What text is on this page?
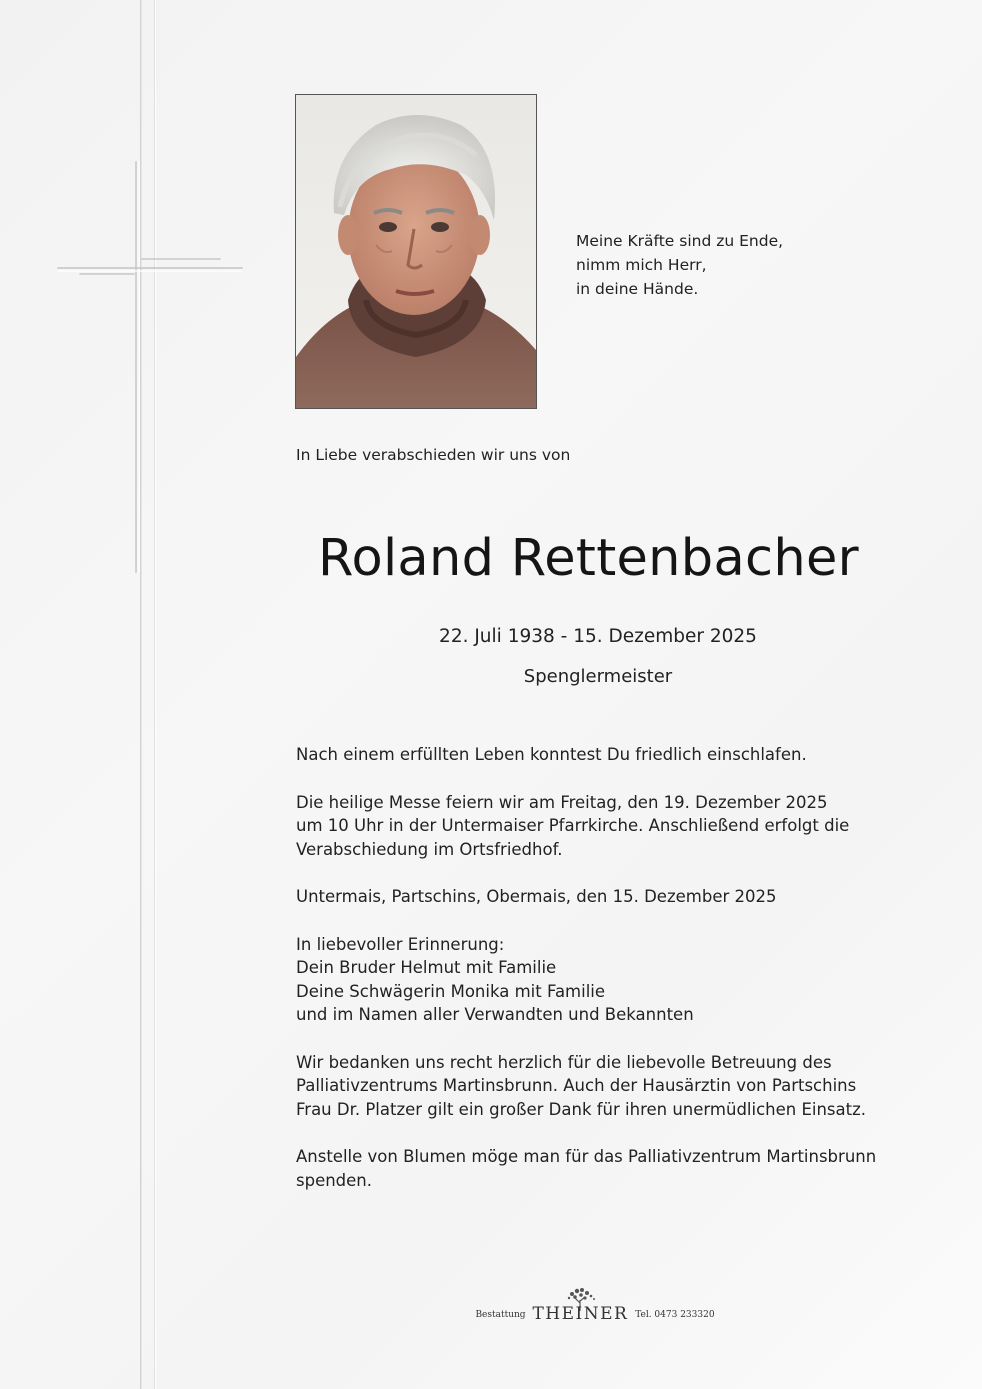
Meine Kräfte sind zu Ende,
nimm mich Herr,
in deine Hände.
In Liebe verabschieden wir uns von
Roland Rettenbacher
22. Juli 1938 - 15. Dezember 2025
Spenglermeister

Nach einem erfüllten Leben konntest Du friedlich einschlafen.

Die heilige Messe feiern wir am Freitag, den 19. Dezember 2025
um 10 Uhr in der Untermaiser Pfarrkirche. Anschließend erfolgt die
Verabschiedung im Ortsfriedhof.

Untermais, Partschins, Obermais, den 15. Dezember 2025

In liebevoller Erinnerung:
Dein Bruder Helmut mit Familie
Deine Schwägerin Monika mit Familie
und im Namen aller Verwandten und Bekannten

Wir bedanken uns recht herzlich für die liebevolle Betreuung des
Palliativzentrums Martinsbrunn. Auch der Hausärztin von Partschins
Frau Dr. Platzer gilt ein großer Dank für ihren unermüdlichen Einsatz.

Anstelle von Blumen möge man für das Palliativzentrum Martinsbrunn
spenden.

Bestattung THEINER Tel. 0473 233320
